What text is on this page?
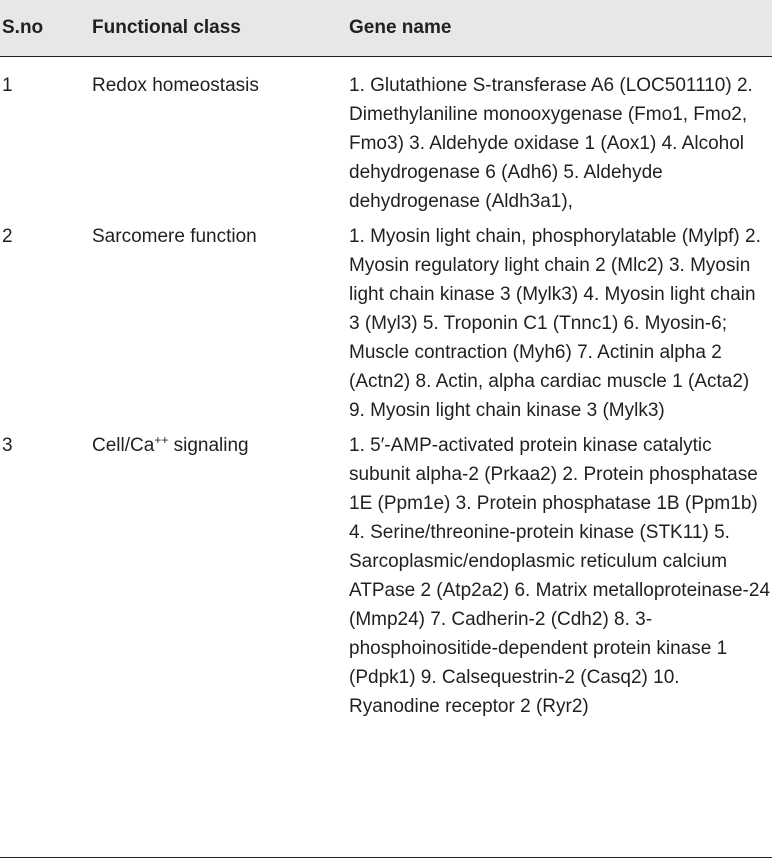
S.no	Functional class	Gene name
1	Redox homeostasis	1. Glutathione S-transferase A6 (LOC501110) 2. Dimethylaniline monooxygenase (Fmo1, Fmo2, Fmo3) 3. Aldehyde oxidase 1 (Aox1) 4. Alcohol dehydrogenase 6 (Adh6) 5. Aldehyde dehydrogenase (Aldh3a1),
2	Sarcomere function	1. Myosin light chain, phosphorylatable (Mylpf) 2. Myosin regulatory light chain 2 (Mlc2) 3. Myosin light chain kinase 3 (Mylk3) 4. Myosin light chain 3 (Myl3) 5. Troponin C1 (Tnnc1) 6. Myosin-6; Muscle contraction (Myh6) 7. Actinin alpha 2 (Actn2) 8. Actin, alpha cardiac muscle 1 (Acta2) 9. Myosin light chain kinase 3 (Mylk3)
3	Cell/Ca++ signaling	1. 5′-AMP-activated protein kinase catalytic subunit alpha-2 (Prkaa2) 2. Protein phosphatase 1E (Ppm1e) 3. Protein phosphatase 1B (Ppm1b) 4. Serine/threonine-protein kinase (STK11) 5. Sarcoplasmic/endoplasmic reticulum calcium ATPase 2 (Atp2a2) 6. Matrix metalloproteinase-24 (Mmp24) 7. Cadherin-2 (Cdh2) 8. 3-phosphoinositide-dependent protein kinase 1 (Pdpk1) 9. Calsequestrin-2 (Casq2) 10. Ryanodine receptor 2 (Ryr2)
